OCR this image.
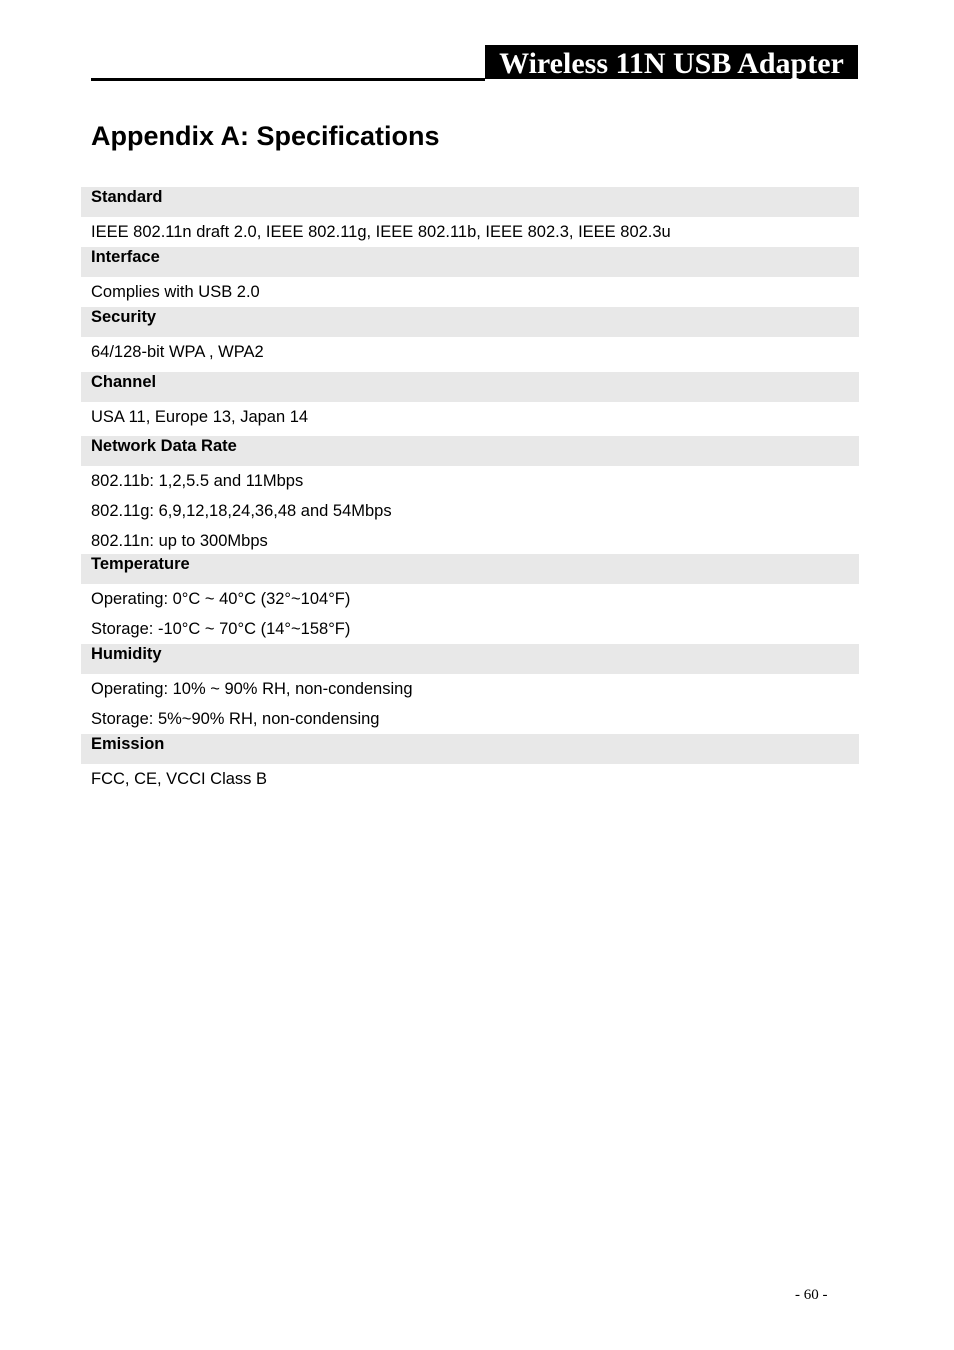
Wireless 11N USB Adapter
Appendix A: Specifications
Standard
IEEE 802.11n draft 2.0, IEEE 802.11g, IEEE 802.11b, IEEE 802.3, IEEE 802.3u
Interface
Complies with USB 2.0
Security
64/128-bit WPA , WPA2
Channel
USA 11, Europe 13, Japan 14
Network Data Rate
802.11b: 1,2,5.5 and 11Mbps
802.11g: 6,9,12,18,24,36,48 and 54Mbps
802.11n: up to 300Mbps
Temperature
Operating: 0°C ~ 40°C (32°~104°F)
Storage: -10°C ~ 70°C (14°~158°F)
Humidity
Operating: 10% ~ 90% RH, non-condensing
Storage: 5%~90% RH, non-condensing
Emission
FCC, CE, VCCI Class B
- 60 -
